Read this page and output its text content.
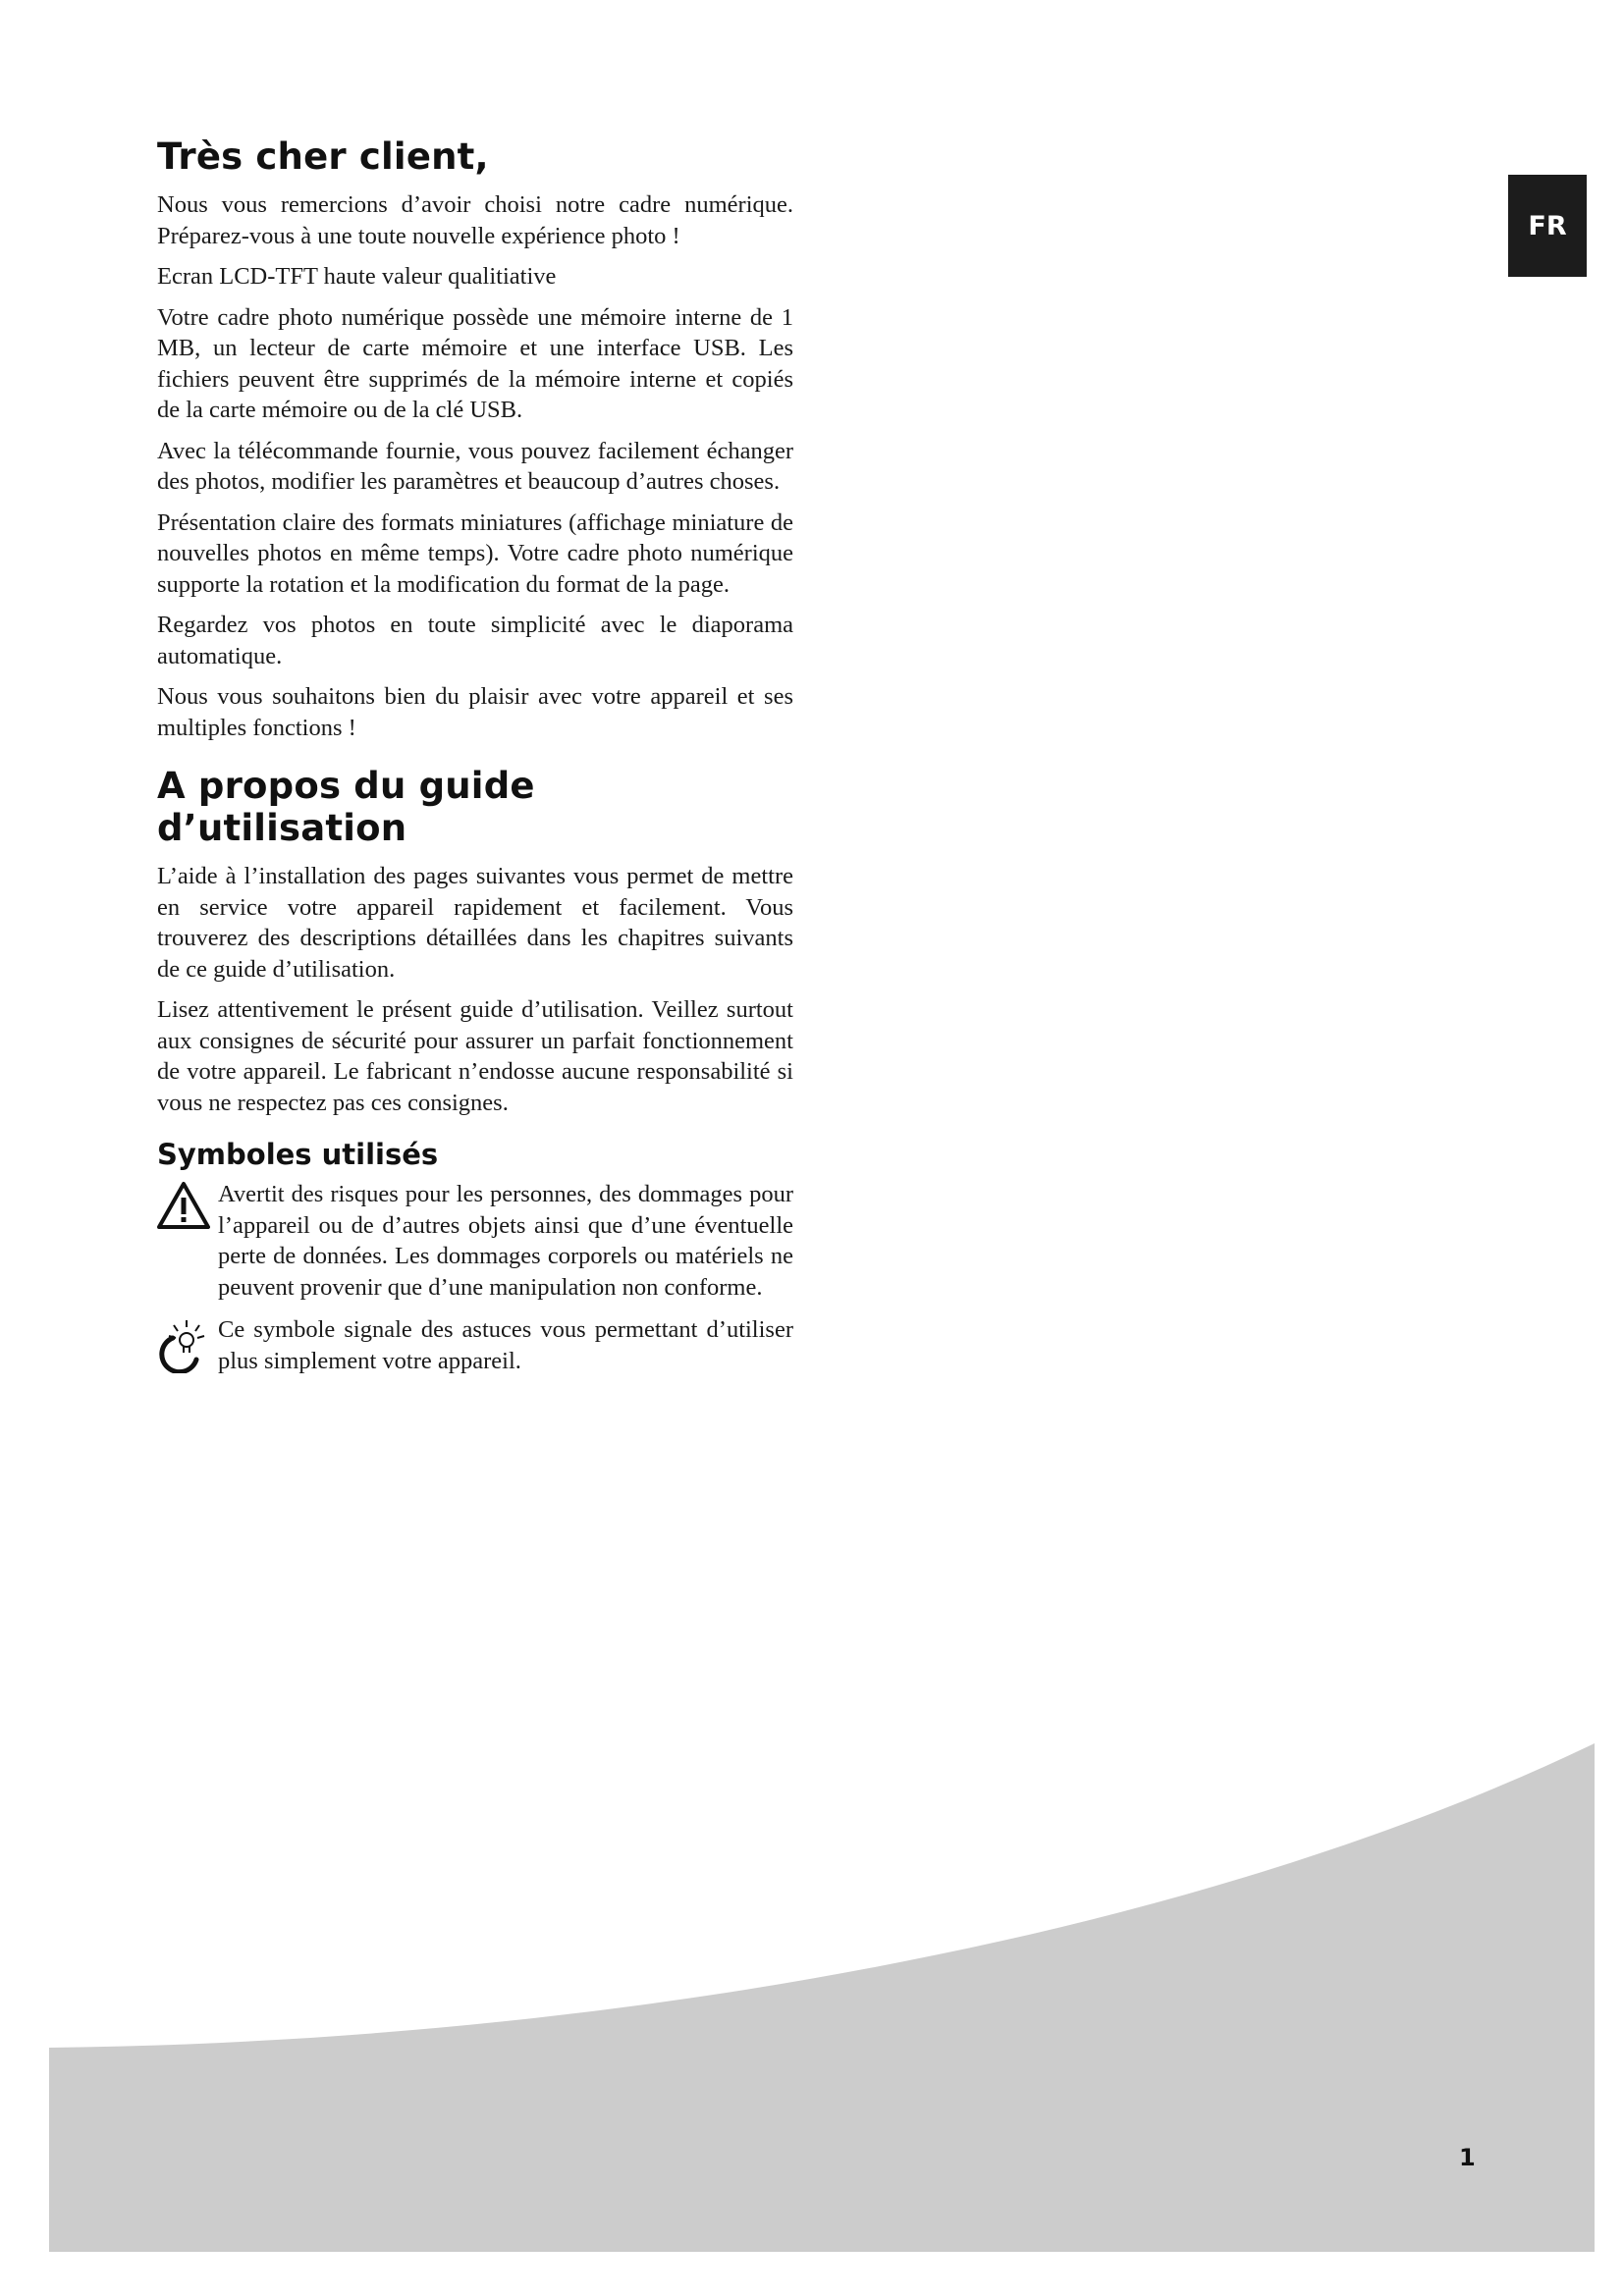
FR
Très cher client,

Nous vous remercions d’avoir choisi notre cadre numérique. Préparez-vous à une toute nouvelle expérience photo !

Ecran LCD-TFT haute valeur qualitiative

Votre cadre photo numérique possède une mémoire interne de 1 MB, un lecteur de carte mémoire et une interface USB. Les fichiers peuvent être supprimés de la mémoire interne et copiés de la carte mémoire ou de la clé USB.

Avec la télécommande fournie, vous pouvez facilement échanger des photos, modifier les paramètres et beaucoup d’autres choses.

Présentation claire des formats miniatures (affichage miniature de nouvelles photos en même temps). Votre cadre photo numérique supporte la rotation et la modification du format de la page.

Regardez vos photos en toute simplicité avec le diaporama automatique.

Nous vous souhaitons bien du plaisir avec votre appareil et ses multiples fonctions !

A propos du guide d’utilisation

L’aide à l’installation des pages suivantes vous permet de mettre en service votre appareil rapidement et facilement. Vous trouverez des descriptions détaillées dans les chapitres suivants de ce guide d’utilisation.

Lisez attentivement le présent guide d’utilisation. Veillez surtout aux consignes de sécurité pour assurer un parfait fonctionnement de votre appareil. Le fabricant n’endosse aucune responsabilité si vous ne respectez pas ces consignes.

Symboles utilisés

Avertit des risques pour les personnes, des dommages pour l’appareil ou de d’autres objets ainsi que d’une éventuelle perte de données. Les dommages corporels ou matériels ne peuvent provenir que d’une manipulation non conforme.

Ce symbole signale des astuces vous permettant d’utiliser plus simplement votre appareil.

1
